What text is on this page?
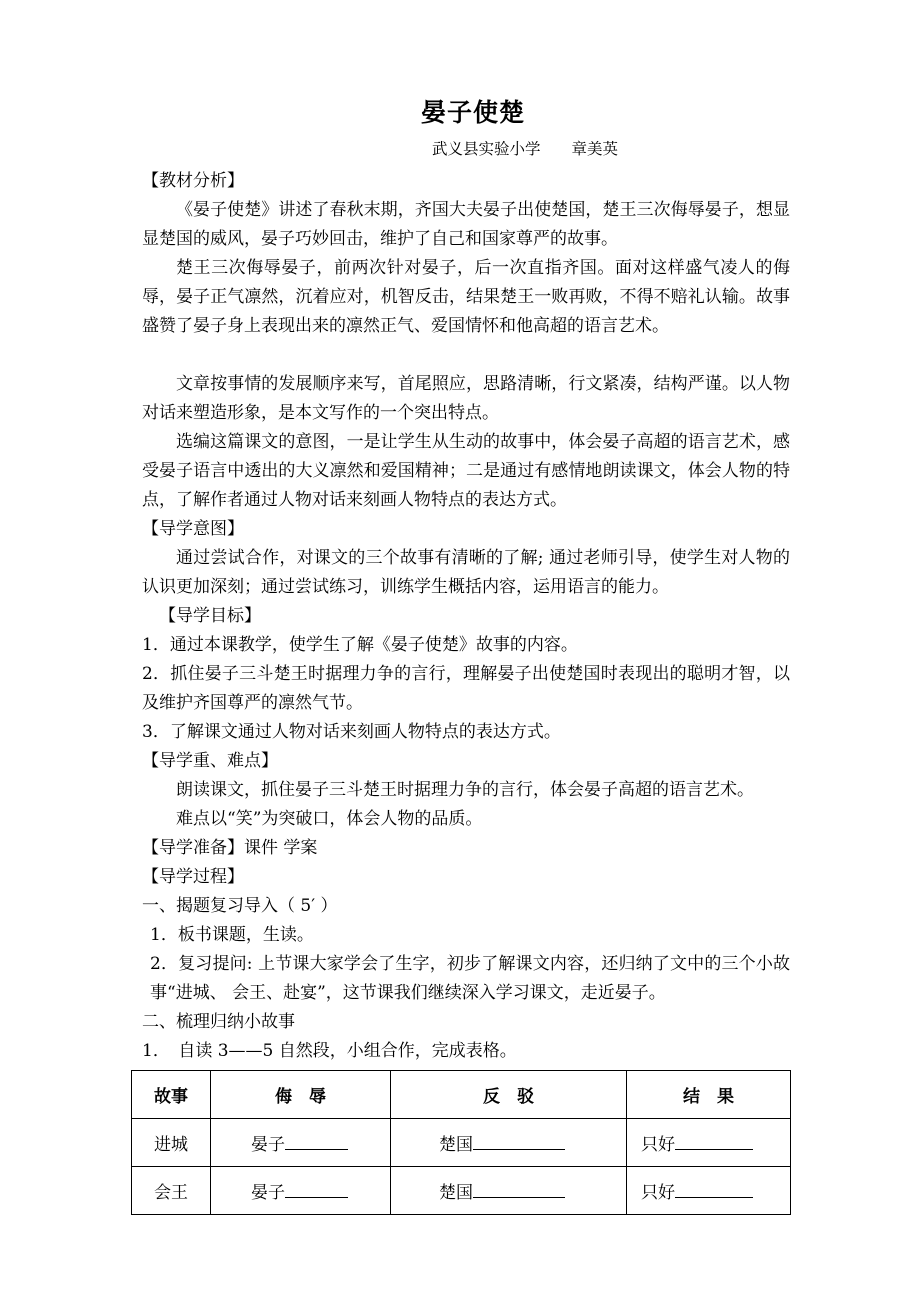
晏子使楚
武义县实验小学　　章美英
【教材分析】

《晏子使楚》讲述了春秋末期，齐国大夫晏子出使楚国，楚王三次侮辱晏子，想显显楚国的威风，晏子巧妙回击，维护了自己和国家尊严的故事。

楚王三次侮辱晏子，前两次针对晏子，后一次直指齐国。面对这样盛气凌人的侮辱，晏子正气凛然，沉着应对，机智反击，结果楚王一败再败，不得不赔礼认输。故事盛赞了晏子身上表现出来的凛然正气、爱国情怀和他高超的语言艺术。

文章按事情的发展顺序来写，首尾照应，思路清晰，行文紧凑，结构严谨。以人物对话来塑造形象，是本文写作的一个突出特点。

选编这篇课文的意图，一是让学生从生动的故事中，体会晏子高超的语言艺术，感受晏子语言中透出的大义凛然和爱国精神；二是通过有感情地朗读课文，体会人物的特点，了解作者通过人物对话来刻画人物特点的表达方式。

【导学意图】

通过尝试合作，对课文的三个故事有清晰的了解; 通过老师引导，使学生对人物的认识更加深刻；通过尝试练习，训练学生概括内容，运用语言的能力。

【导学目标】

1．通过本课教学，使学生了解《晏子使楚》故事的内容。

2．抓住晏子三斗楚王时据理力争的言行，理解晏子出使楚国时表现出的聪明才智，以及维护齐国尊严的凛然气节。

3．了解课文通过人物对话来刻画人物特点的表达方式。

【导学重、难点】

朗读课文，抓住晏子三斗楚王时据理力争的言行，体会晏子高超的语言艺术。

难点以“笑”为突破口，体会人物的品质。

【导学准备】课件 学案
【导学过程】
一、揭题复习导入（ 5′ ）

1．板书课题，生读。

2．复习提问: 上节课大家学会了生字，初步了解课文内容，还归纳了文中的三个小故事“进城、 会王、赴宴”，这节课我们继续深入学习课文，走近晏子。

二、梳理归纳小故事

1．　自读 3——5 自然段，小组合作，完成表格。

故事	侮 辱	反 驳	结 果
进城	晏子	楚国	只好
会王	晏子	楚国	只好
